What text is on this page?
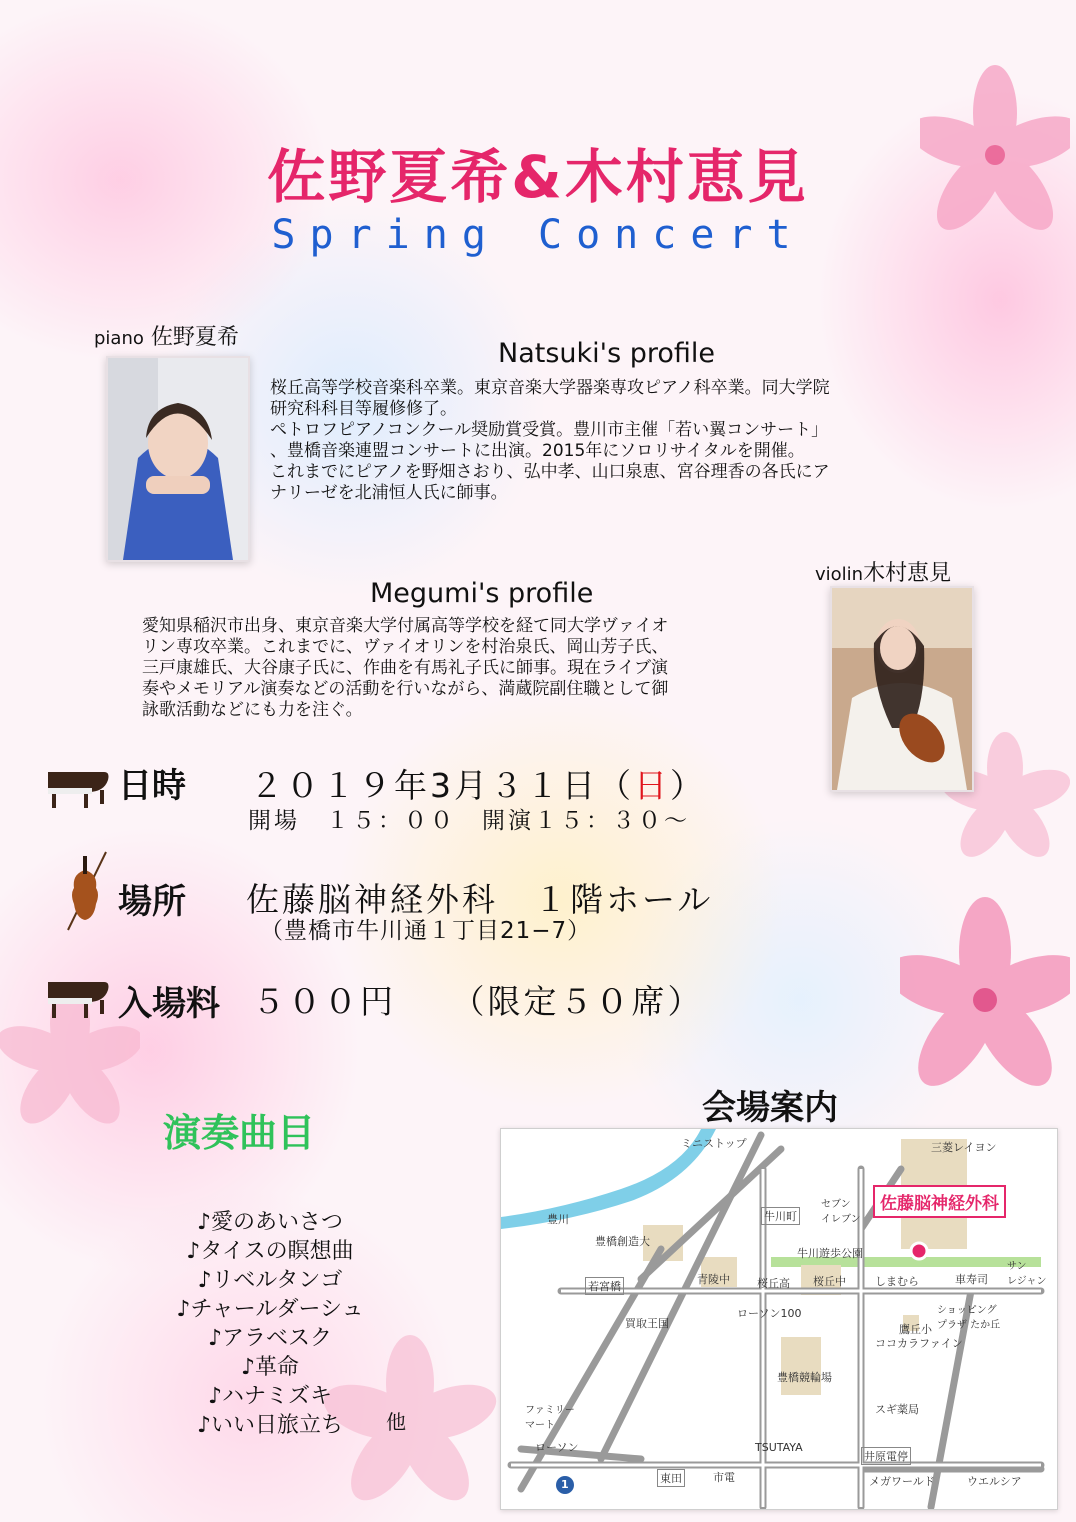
佐野夏希&木村恵見
Spring Concert
piano 佐野夏希
Natsuki's profile
桜丘高等学校音楽科卒業。東京音楽大学器楽専攻ピアノ科卒業。同大学院
研究科科目等履修修了。
ペトロフピアノコンクール奨励賞受賞。豊川市主催「若い翼コンサート」
、豊橋音楽連盟コンサートに出演。2015年にソロリサイタルを開催。
これまでにピアノを野畑さおり、弘中孝、山口泉恵、宮谷理香の各氏にア
ナリーゼを北浦恒人氏に師事。
violin木村恵見
Megumi's profile
愛知県稲沢市出身、東京音楽大学付属高等学校を経て同大学ヴァイオ
リン専攻卒業。これまでに、ヴァイオリンを村治泉氏、岡山芳子氏、
三戸康雄氏、大谷康子氏に、作曲を有馬礼子氏に師事。現在ライブ演
奏やメモリアル演奏などの活動を行いながら、満蔵院副住職として御
詠歌活動などにも力を注ぐ。
日時 ２０１９年3月３１日（日）
開場　１５：００　開演１５：３０～
場所 佐藤脳神経外科　１階ホール
（豊橋市牛川通１丁目21−7）
入場料 ５００円　　（限定５０席）
演奏曲目
♪愛のあいさつ
♪タイスの瞑想曲
♪リベルタンゴ
♪チャールダーシュ
♪アラベスク
♪革命
♪ハナミズキ
♪いい日旅立ち	他
会場案内
ミニストップ	三菱レイヨン
佐藤脳神経外科
豊川	牛川町
セブン
イレブン
豊橋創造大
牛川遊歩公園
若宮橋
青陵中 桜丘高 桜丘中	しまむら	車寿司
サン
レジャン
買取王国
ローソン100	ショッピング
プラザ たか丘
鷹丘小
ココカラファイン
豊橋競輪場
ファミリー
マート
スギ薬局
ローソン	TSUTAYA
井原電停
東田	市電	メガワールド	ウエルシア
1
